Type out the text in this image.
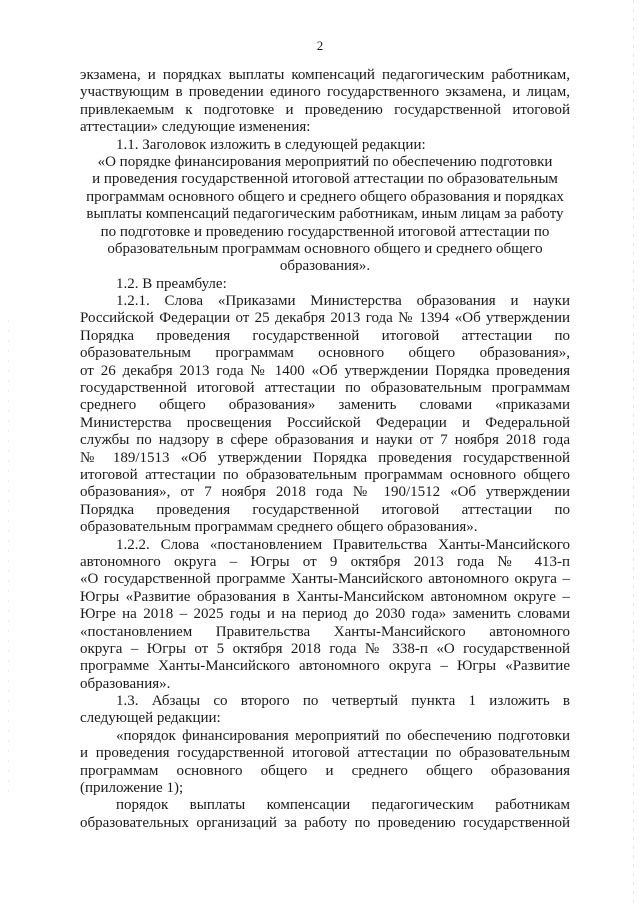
2
экзамена, и порядках выплаты компенсаций педагогическим работникам,
участвующим в проведении единого государственного экзамена, и лицам,
привлекаемым к подготовке и проведению государственной итоговой
аттестации» следующие изменения:
1.1. Заголовок изложить в следующей редакции:
«О порядке финансирования мероприятий по обеспечению подготовки
и проведения государственной итоговой аттестации по образовательным
программам основного общего и среднего общего образования и порядках
выплаты компенсаций педагогическим работникам, иным лицам за работу
по подготовке и проведению государственной итоговой аттестации по
образовательным программам основного общего и среднего общего
образования».
1.2. В преамбуле:
1.2.1. Слова «Приказами Министерства образования и науки
Российской Федерации от 25 декабря 2013 года № 1394 «Об утверждении
Порядка проведения государственной итоговой аттестации по
образовательным программам основного общего образования»,
от 26 декабря 2013 года № 1400 «Об утверждении Порядка проведения
государственной итоговой аттестации по образовательным программам
среднего общего образования» заменить словами «приказами
Министерства просвещения Российской Федерации и Федеральной
службы по надзору в сфере образования и науки от 7 ноября 2018 года
№ 189/1513 «Об утверждении Порядка проведения государственной
итоговой аттестации по образовательным программам основного общего
образования», от 7 ноября 2018 года № 190/1512 «Об утверждении
Порядка проведения государственной итоговой аттестации по
образовательным программам среднего общего образования».
1.2.2. Слова «постановлением Правительства Ханты-Мансийского
автономного округа – Югры от 9 октября 2013 года № 413-п
«О государственной программе Ханты-Мансийского автономного округа –
Югры «Развитие образования в Ханты-Мансийском автономном округе –
Югре на 2018 – 2025 годы и на период до 2030 года» заменить словами
«постановлением Правительства Ханты-Мансийского автономного
округа – Югры от 5 октября 2018 года № 338-п «О государственной
программе Ханты-Мансийского автономного округа – Югры «Развитие
образования».
1.3. Абзацы со второго по четвертый пункта 1 изложить в
следующей редакции:
«порядок финансирования мероприятий по обеспечению подготовки
и проведения государственной итоговой аттестации по образовательным
программам основного общего и среднего общего образования
(приложение 1);
порядок выплаты компенсации педагогическим работникам
образовательных организаций за работу по проведению государственной
